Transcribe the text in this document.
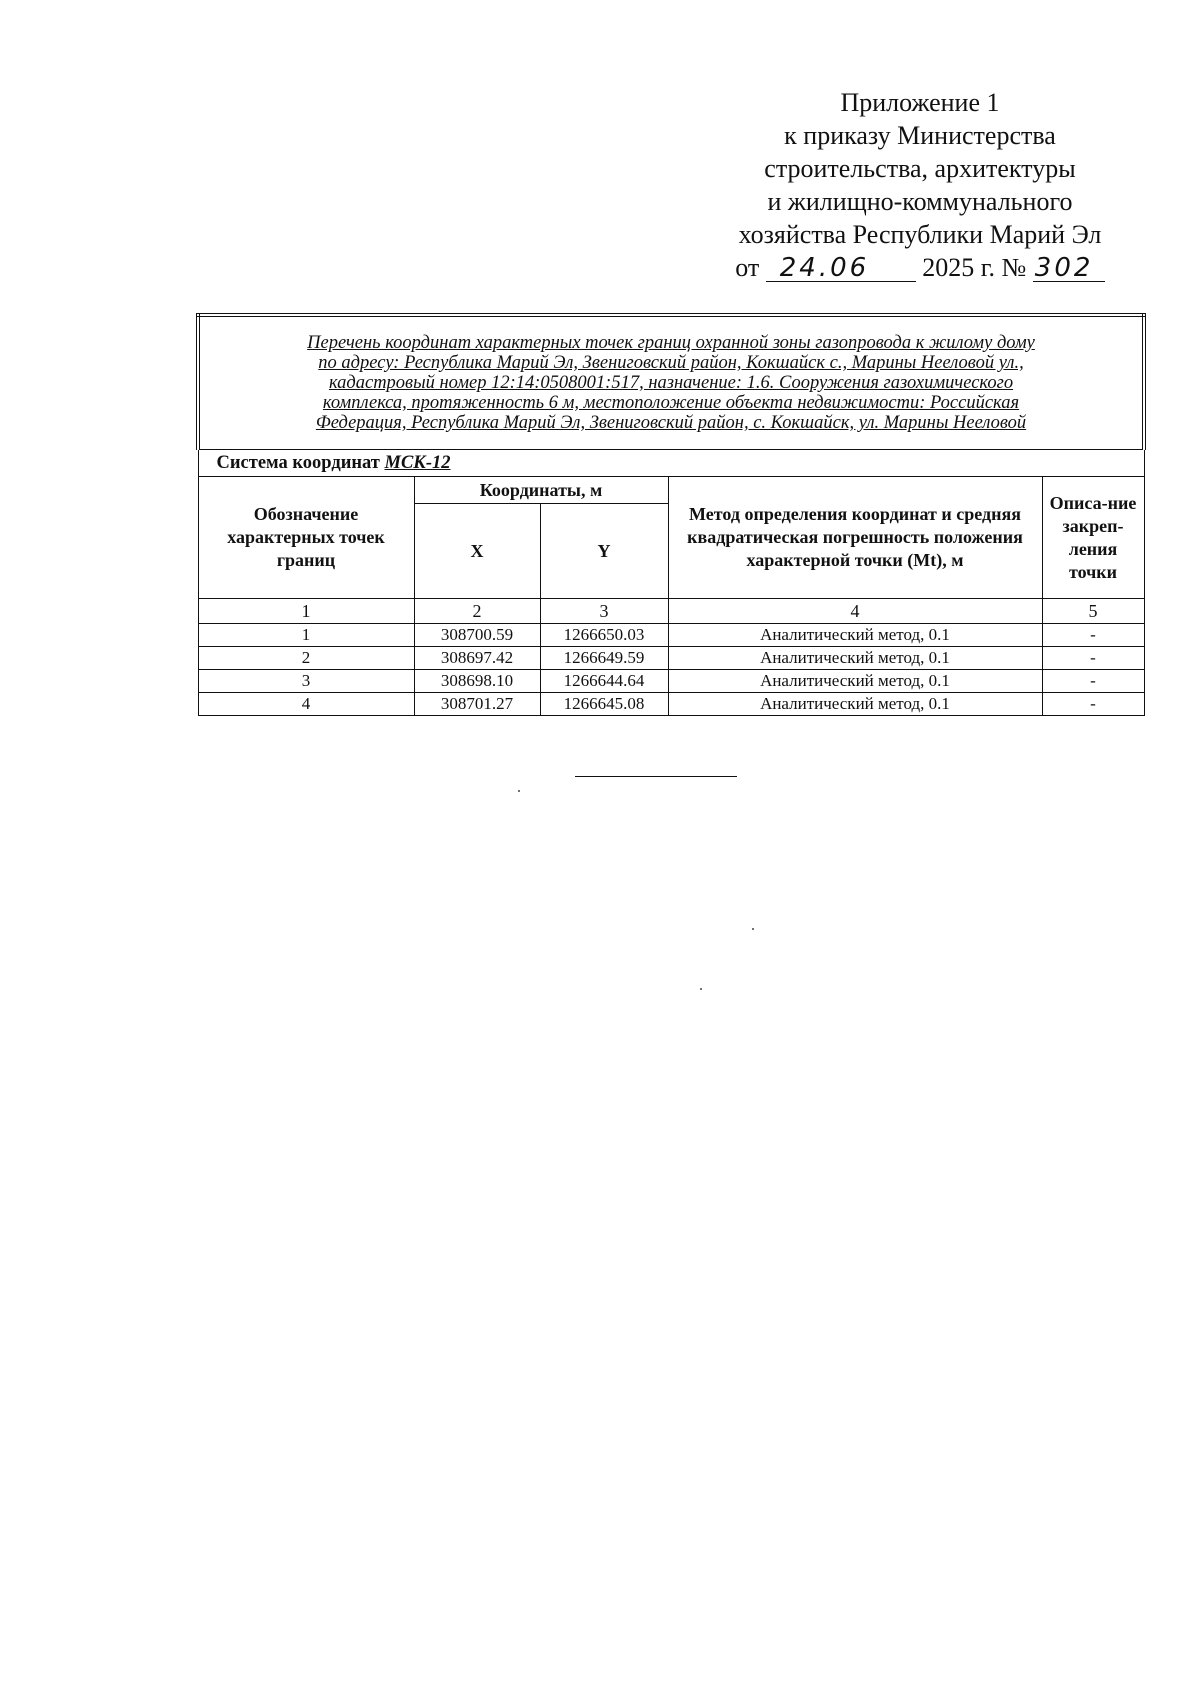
Приложение 1
к приказу Министерства
строительства, архитектуры
и жилищно-коммунального
хозяйства Республики Марий Эл
от 24.06 2025 г. № 302
Перечень координат характерных точек границ охранной зоны газопровода к жилому дому
по адресу: Республика Марий Эл, Звениговский район, Кокшайск с., Марины Нееловой ул.,
кадастровый номер 12:14:0508001:517, назначение: 1.6. Сооружения газохимического
комплекса, протяженность 6 м, местоположение объекта недвижимости: Российская
Федерация, Республика Марий Эл, Звениговский район, с. Кокшайск, ул. Марины Нееловой				

Система координат МСК-12				
Обозначение характерных точек границ	Координаты, м		Метод определения координат и средняя квадратическая погрешность положения характерной точки (Mt), м	Описа-ние закреп-ления точки
	X	Y		
1	2	3	4	5
1	308700.59	1266650.03	Аналитический метод, 0.1	-
2	308697.42	1266649.59	Аналитический метод, 0.1	-
3	308698.10	1266644.64	Аналитический метод, 0.1	-
4	308701.27	1266645.08	Аналитический метод, 0.1	-
